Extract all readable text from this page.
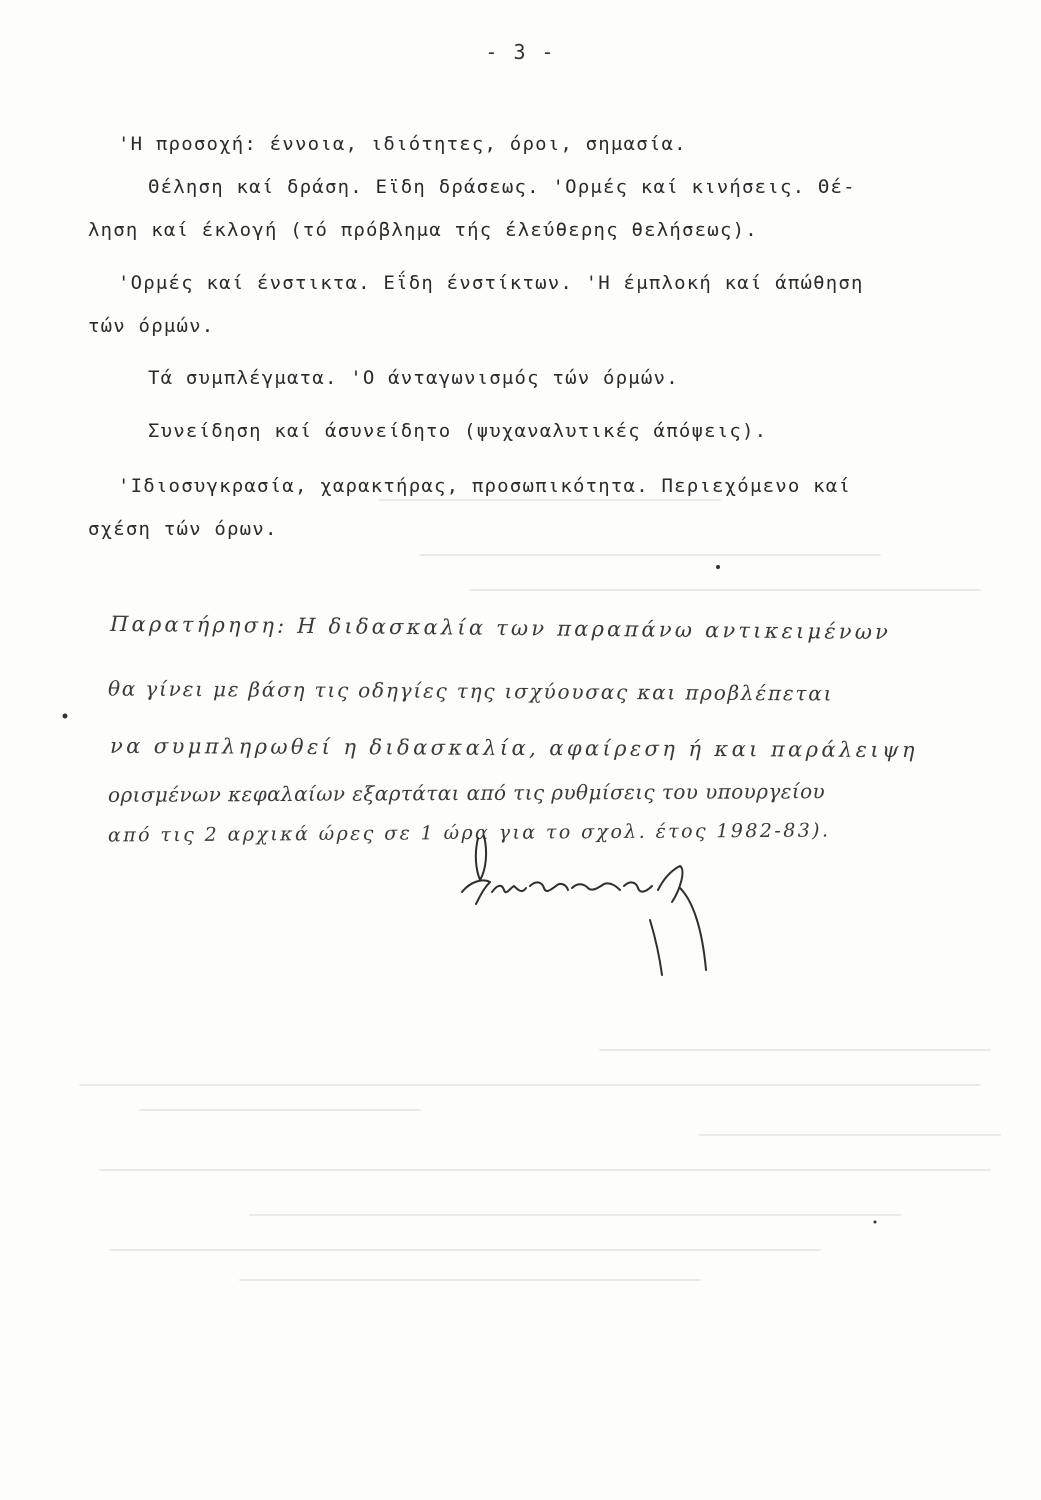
- 3 -
'Η προσοχή: έννοια, ιδιότητες, όροι, σημασία.
Θέληση καί δράση. Εϊδη δράσεως. 'Ορμές καί κινήσεις. Θέ-
ληση καί έκλογή (τό πρόβλημα τής έλεύθερης θελήσεως).
'Ορμές καί ένστικτα. Εΐδη ένστίκτων. 'Η έμπλοκή καί άπώθηση
τών όρμών.
Τά συμπλέγματα. 'Ο άνταγωνισμός τών όρμών.
Συνείδηση καί άσυνείδητο (ψυχαναλυτικές άπόψεις).
'Ιδιοσυγκρασία, χαρακτήρας, προσωπικότητα. Περιεχόμενο καί
σχέση τών όρων.
Παρατήρηση: Η διδασκαλία των παραπάνω αντικειμένων
θα γίνει με βάση τις οδηγίες της ισχύουσας και προβλέπεται
να συμπληρωθεί η διδασκαλία, αφαίρεση ή και παράλειψη
ορισμένων κεφαλαίων εξαρτάται από τις ρυθμίσεις του υπουργείου
από τις 2 αρχικά ώρες σε 1 ώρα για το σχολ. έτος 1982-83).
